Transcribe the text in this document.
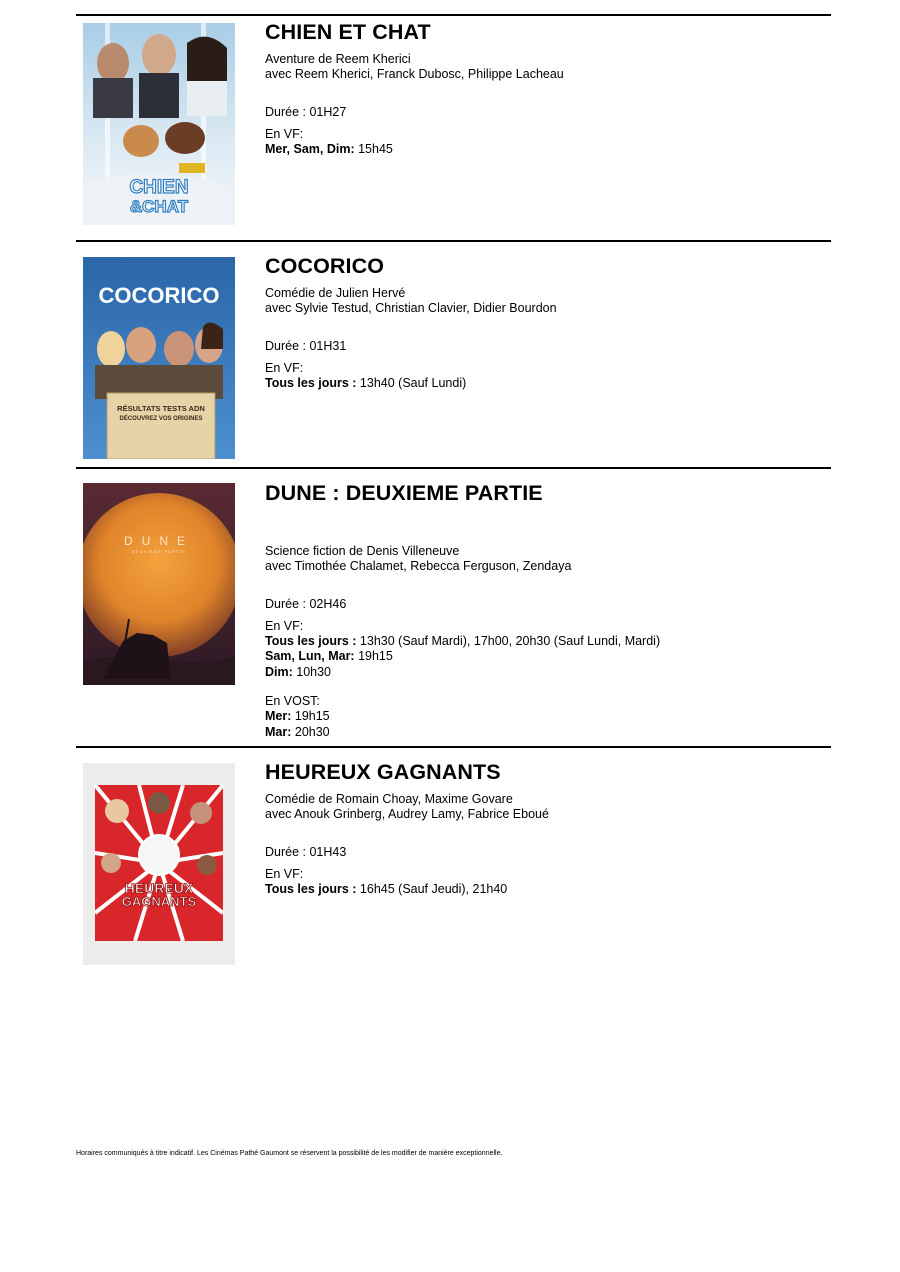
CHIEN
&CHAT
CHIEN ET CHAT
Aventure de Reem Kherici
avec Reem Kherici, Franck Dubosc, Philippe Lacheau
Durée : 01H27
En VF:
Mer, Sam, Dim: 15h45
COCORICO
RÉSULTATS TESTS ADN
DÉCOUVREZ VOS ORIGINES
COCORICO
Comédie de Julien Hervé
avec Sylvie Testud, Christian Clavier, Didier Bourdon
Durée : 01H31
En VF:
Tous les jours : 13h40 (Sauf Lundi)
DUNE
DEUXIÈME PARTIE
DUNE : DEUXIEME PARTIE
Science fiction de Denis Villeneuve
avec Timothée Chalamet, Rebecca Ferguson, Zendaya
Durée : 02H46
En VF:
Tous les jours : 13h30 (Sauf Mardi), 17h00, 20h30 (Sauf Lundi, Mardi)
Sam, Lun, Mar: 19h15
Dim: 10h30
En VOST:
Mer: 19h15
Mar: 20h30
HEUREUX
GAGNANTS
HEUREUX GAGNANTS
Comédie de Romain Choay, Maxime Govare
avec Anouk Grinberg, Audrey Lamy, Fabrice Eboué
Durée : 01H43
En VF:
Tous les jours : 16h45 (Sauf Jeudi), 21h40
Horaires communiqués à titre indicatif. Les Cinémas Pathé Gaumont se réservent la possibilité de les modifier de manière exceptionnelle.
